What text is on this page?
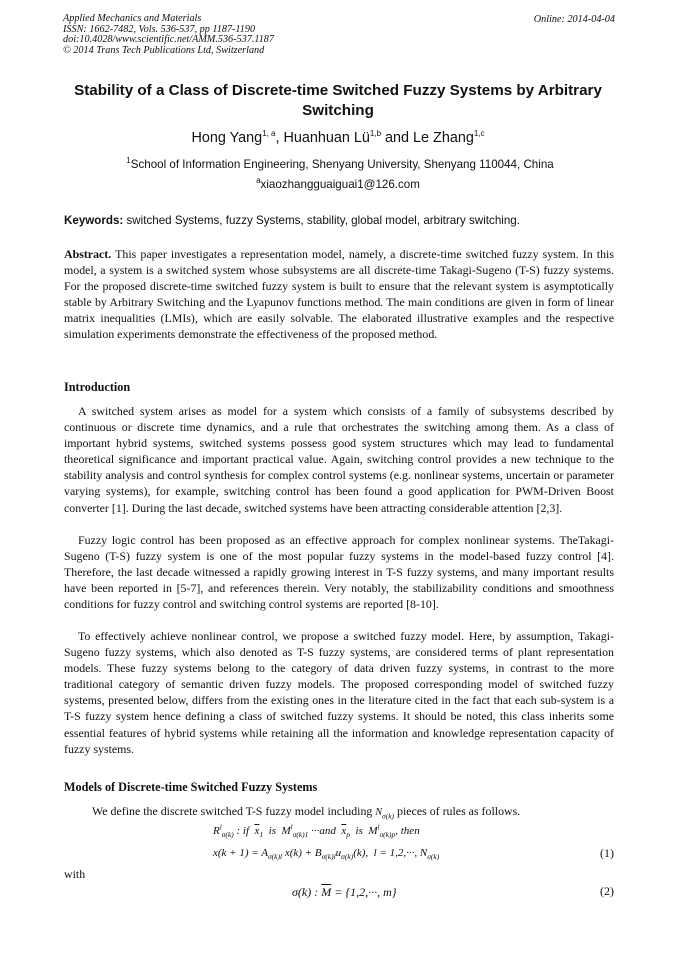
Applied Mechanics and Materials
ISSN: 1662-7482, Vols. 536-537, pp 1187-1190
doi:10.4028/www.scientific.net/AMM.536-537.1187
© 2014 Trans Tech Publications Ltd, Switzerland
Online: 2014-04-04
Stability of a Class of Discrete-time Switched Fuzzy Systems by Arbitrary Switching
Hong Yang$^{1, a}$, Huanhuan Lü$^{1,b}$ and Le Zhang$^{1,c}$
$^1$School of Information Engineering, Shenyang University, Shenyang 110044, China
$^a$xiaozhangguaiguai1@126.com
Keywords: switched Systems, fuzzy Systems, stability, global model, arbitrary switching.
Abstract. This paper investigates a representation model, namely, a discrete-time switched fuzzy system. In this model, a system is a switched system whose subsystems are all discrete-time Takagi-Sugeno (T-S) fuzzy systems. For the proposed discrete-time switched fuzzy system is built to ensure that the relevant system is asymptotically stable by Arbitrary Switching and the Lyapunov functions method. The main conditions are given in form of linear matrix inequalities (LMIs), which are easily solvable. The elaborated illustrative examples and the respective simulation experiments demonstrate the effectiveness of the proposed method.
Introduction
A switched system arises as model for a system which consists of a family of subsystems described by continuous or discrete time dynamics, and a rule that orchestrates the switching among them. As a class of important hybrid systems, switched systems possess good system structures which may lead to fundamental theoretical significance and important practical value. Again, switching control provides a new technique to the stability analysis and control synthesis for complex control systems (e.g. nonlinear systems, uncertain or parameter varying systems), for example, switching control has been found a good application for PWM-Driven Boost converter [1]. During the last decade, switched systems have been attracting considerable attention [2,3].
Fuzzy logic control has been proposed as an effective approach for complex nonlinear systems. TheTakagi-Sugeno (T-S) fuzzy system is one of the most popular fuzzy systems in the model-based fuzzy control [4]. Therefore, the last decade witnessed a rapidly growing interest in T-S fuzzy systems, and many important results have been reported in [5-7], and references therein. Very notably, the stabilizability conditions and smoothness conditions for fuzzy control and switching control systems are reported [8-10].
To effectively achieve nonlinear control, we propose a switched fuzzy model. Here, by assumption, Takagi-Sugeno fuzzy systems, which also denoted as T-S fuzzy systems, are considered terms of plant representation models. These fuzzy systems belong to the category of data driven fuzzy systems, in contrast to the more traditional category of semantic driven fuzzy models. The proposed corresponding model of switched fuzzy systems, presented below, differs from the existing ones in the literature cited in the fact that each sub-system is a T-S fuzzy system hence defining a class of switched fuzzy systems. It should be noted, this class inherits some essential features of hybrid systems while retaining all the information and knowledge representation capacity of fuzzy systems.
Models of Discrete-time Switched Fuzzy Systems
We define the discrete switched T-S fuzzy model including $N_{\sigma(k)}$ pieces of rules as follows.
$R^l_{\sigma(k)}$ : if  $\overline{x}_1$  is  $M^l_{\sigma(k)1} \cdot\cdot\cdot and$  $\overline{x}_p$  is  $M^l_{\sigma(k)p}$, then
$x(k + 1) = A_{\sigma(k)l}$ $x(k) + B_{\sigma(k)l}u_{\sigma(k)}(k)$,  l = 1,2,···, $N_{\sigma(k)}$	(1)
with
σ(k) : $\overline{M} = \{1,2,\cdot\cdot\cdot$, m}	(2)
